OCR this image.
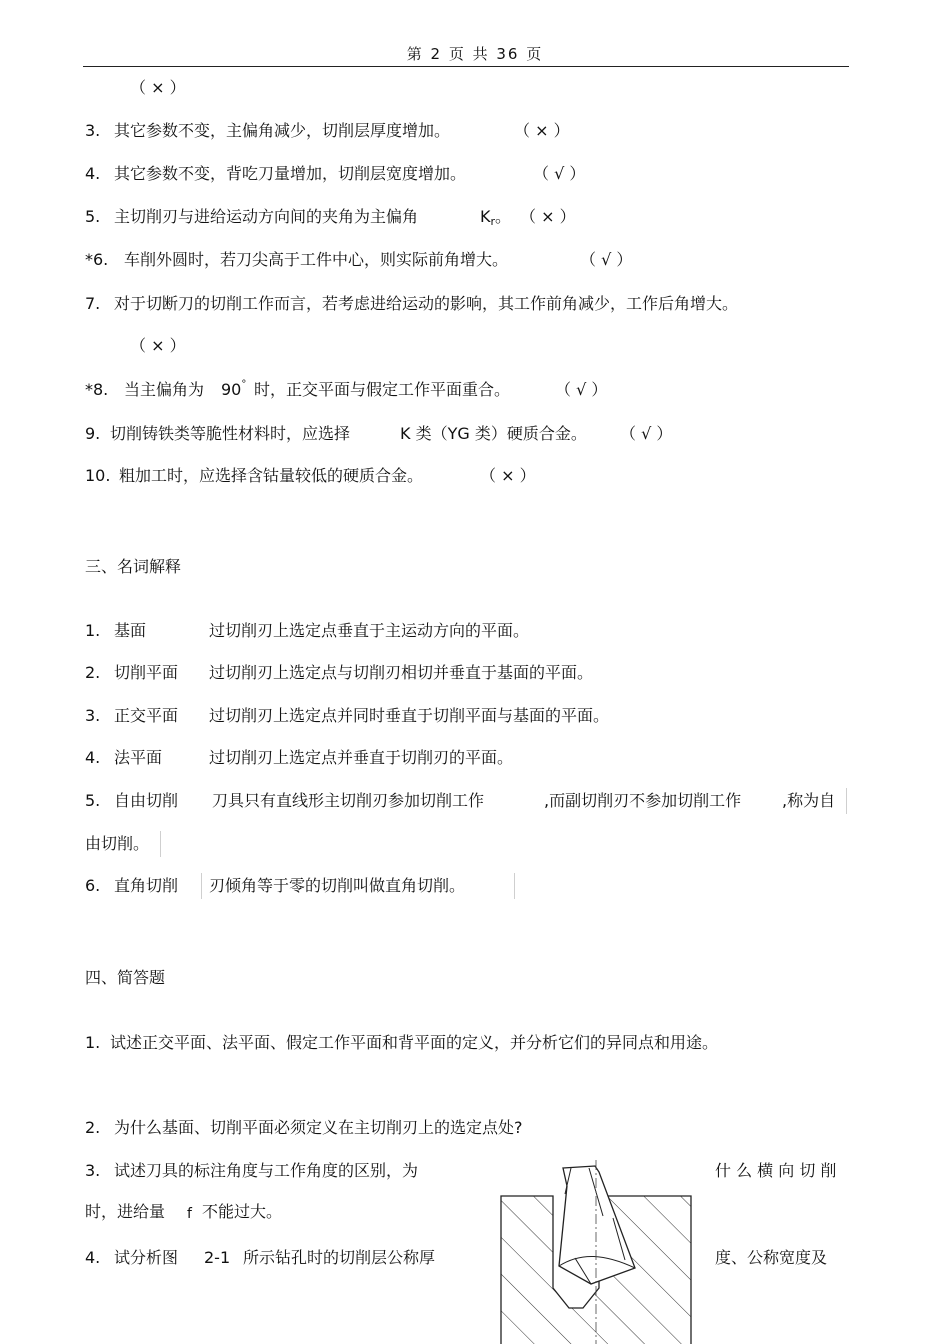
第 2 页 共 36 页
（ × ）
3. 其它参数不变，主偏角减少，切削层厚度增加。	（ × ）
4. 其它参数不变，背吃刀量增加，切削层宽度增加。	（ √ ）
5. 主切削刃与进给运动方向间的夹角为主偏角	Kr。 （ × ）
*6. 车削外圆时，若刀尖高于工件中心，则实际前角增大。	（ √ ）
7. 对于切断刀的切削工作而言，若考虑进给运动的影响，其工作前角减少，工作后角增大。
（ × ）
*8. 当主偏角为 90° 时，正交平面与假定工作平面重合。	（ √ ）
9. 切削铸铁类等脆性材料时，应选择	K 类（YG 类）硬质合金。 （ √ ）
10. 粗加工时，应选择含钴量较低的硬质合金。	（ × ）
三、名词解释
1. 基面	过切削刃上选定点垂直于主运动方向的平面。
2. 切削平面 过切削刃上选定点与切削刃相切并垂直于基面的平面。
3. 正交平面 过切削刃上选定点并同时垂直于切削平面与基面的平面。
4. 法平面	过切削刃上选定点并垂直于切削刃的平面。
5. 自由切削 刀具只有直线形主切削刃参加切削工作	,而副切削刃不参加切削工作	,称为自
由切削。
6. 直角切削 刃倾角等于零的切削叫做直角切削。
四、简答题
1. 试述正交平面、法平面、假定工作平面和背平面的定义，并分析它们的异同点和用途。
2. 为什么基面、切削平面必须定义在主切削刃上的选定点处?
3. 试述刀具的标注角度与工作角度的区别，为	什 么 横 向 切 削
时，进给量 f 不能过大。
4. 试分析图 2-1 所示钻孔时的切削层公称厚	度、公称宽度及
